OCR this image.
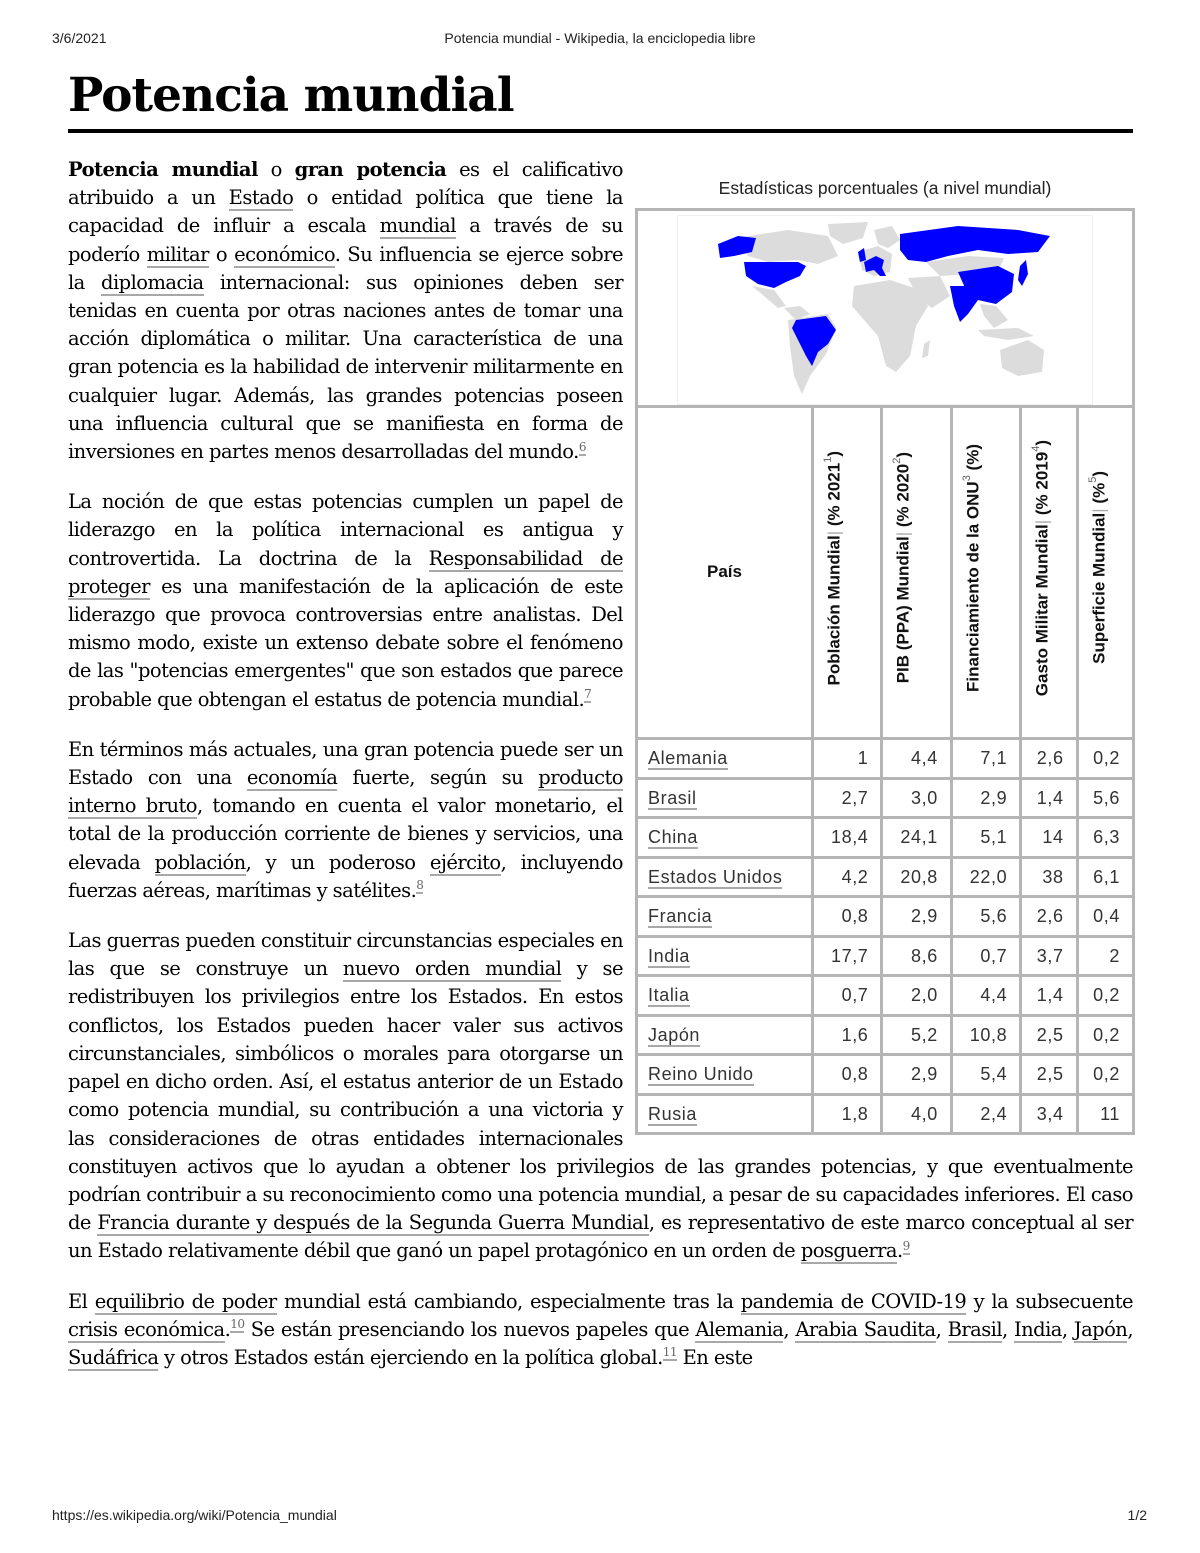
3/6/2021	Potencia mundial - Wikipedia, la enciclopedia libre
Potencia mundial
Estadísticas porcentuales (a nivel mundial)

País	Población Mundial| (% 2021$^1$)	PIB (PPA) Mundial| (% 2020$^2$)	Financiamiento de la ONU$^3$ (%)	Gasto Militar Mundial| (% 2019$^4$)	Superficie Mundial| (%$^5$)
Alemania	1	4,4	7,1	2,6	0,2
Brasil	2,7	3,0	2,9	1,4	5,6
China	18,4	24,1	5,1	14	6,3
Estados Unidos	4,2	20,8	22,0	38	6,1
Francia	0,8	2,9	5,6	2,6	0,4
India	17,7	8,6	0,7	3,7	2
Italia	0,7	2,0	4,4	1,4	0,2
Japón	1,6	5,2	10,8	2,5	0,2
Reino Unido	0,8	2,9	5,4	2,5	0,2
Rusia	1,8	4,0	2,4	3,4	11

Potencia mundial o gran potencia es el calificativo atribuido a un Estado o entidad política que tiene la capacidad de influir a escala mundial a través de su poderío militar o económico. Su influencia se ejerce sobre la diplomacia internacional: sus opiniones deben ser tenidas en cuenta por otras naciones antes de tomar una acción diplomática o militar. Una característica de una gran potencia es la habilidad de intervenir militarmente en cualquier lugar. Además, las grandes potencias poseen una influencia cultural que se manifiesta en forma de inversiones en partes menos desarrolladas del mundo.$^6$

La noción de que estas potencias cumplen un papel de liderazgo en la política internacional es antigua y controvertida. La doctrina de la Responsabilidad de proteger es una manifestación de la aplicación de este liderazgo que provoca controversias entre analistas. Del mismo modo, existe un extenso debate sobre el fenómeno de las "potencias emergentes" que son estados que parece probable que obtengan el estatus de potencia mundial.$^7$

En términos más actuales, una gran potencia puede ser un Estado con una economía fuerte, según su producto interno bruto, tomando en cuenta el valor monetario, el total de la producción corriente de bienes y servicios, una elevada población, y un poderoso ejército, incluyendo fuerzas aéreas, marítimas y satélites.$^8$

Las guerras pueden constituir circunstancias especiales en las que se construye un nuevo orden mundial y se redistribuyen los privilegios entre los Estados. En estos conflictos, los Estados pueden hacer valer sus activos circunstanciales, simbólicos o morales para otorgarse un papel en dicho orden. Así, el estatus anterior de un Estado como potencia mundial, su contribución a una victoria y las consideraciones de otras entidades internacionales constituyen activos que lo ayudan a obtener los privilegios de las grandes potencias, y que eventualmente podrían contribuir a su reconocimiento como una potencia mundial, a pesar de su capacidades inferiores. El caso de Francia durante y después de la Segunda Guerra Mundial, es representativo de este marco conceptual al ser un Estado relativamente débil que ganó un papel protagónico en un orden de posguerra.$^9$

El equilibrio de poder mundial está cambiando, especialmente tras la pandemia de COVID-19 y la subsecuente crisis económica.$^{10}$ Se están presenciando los nuevos papeles que Alemania, Arabia Saudita, Brasil, India, Japón, Sudáfrica y otros Estados están ejerciendo en la política global.$^{11}$ En este

https://es.wikipedia.org/wiki/Potencia_mundial	1/2
